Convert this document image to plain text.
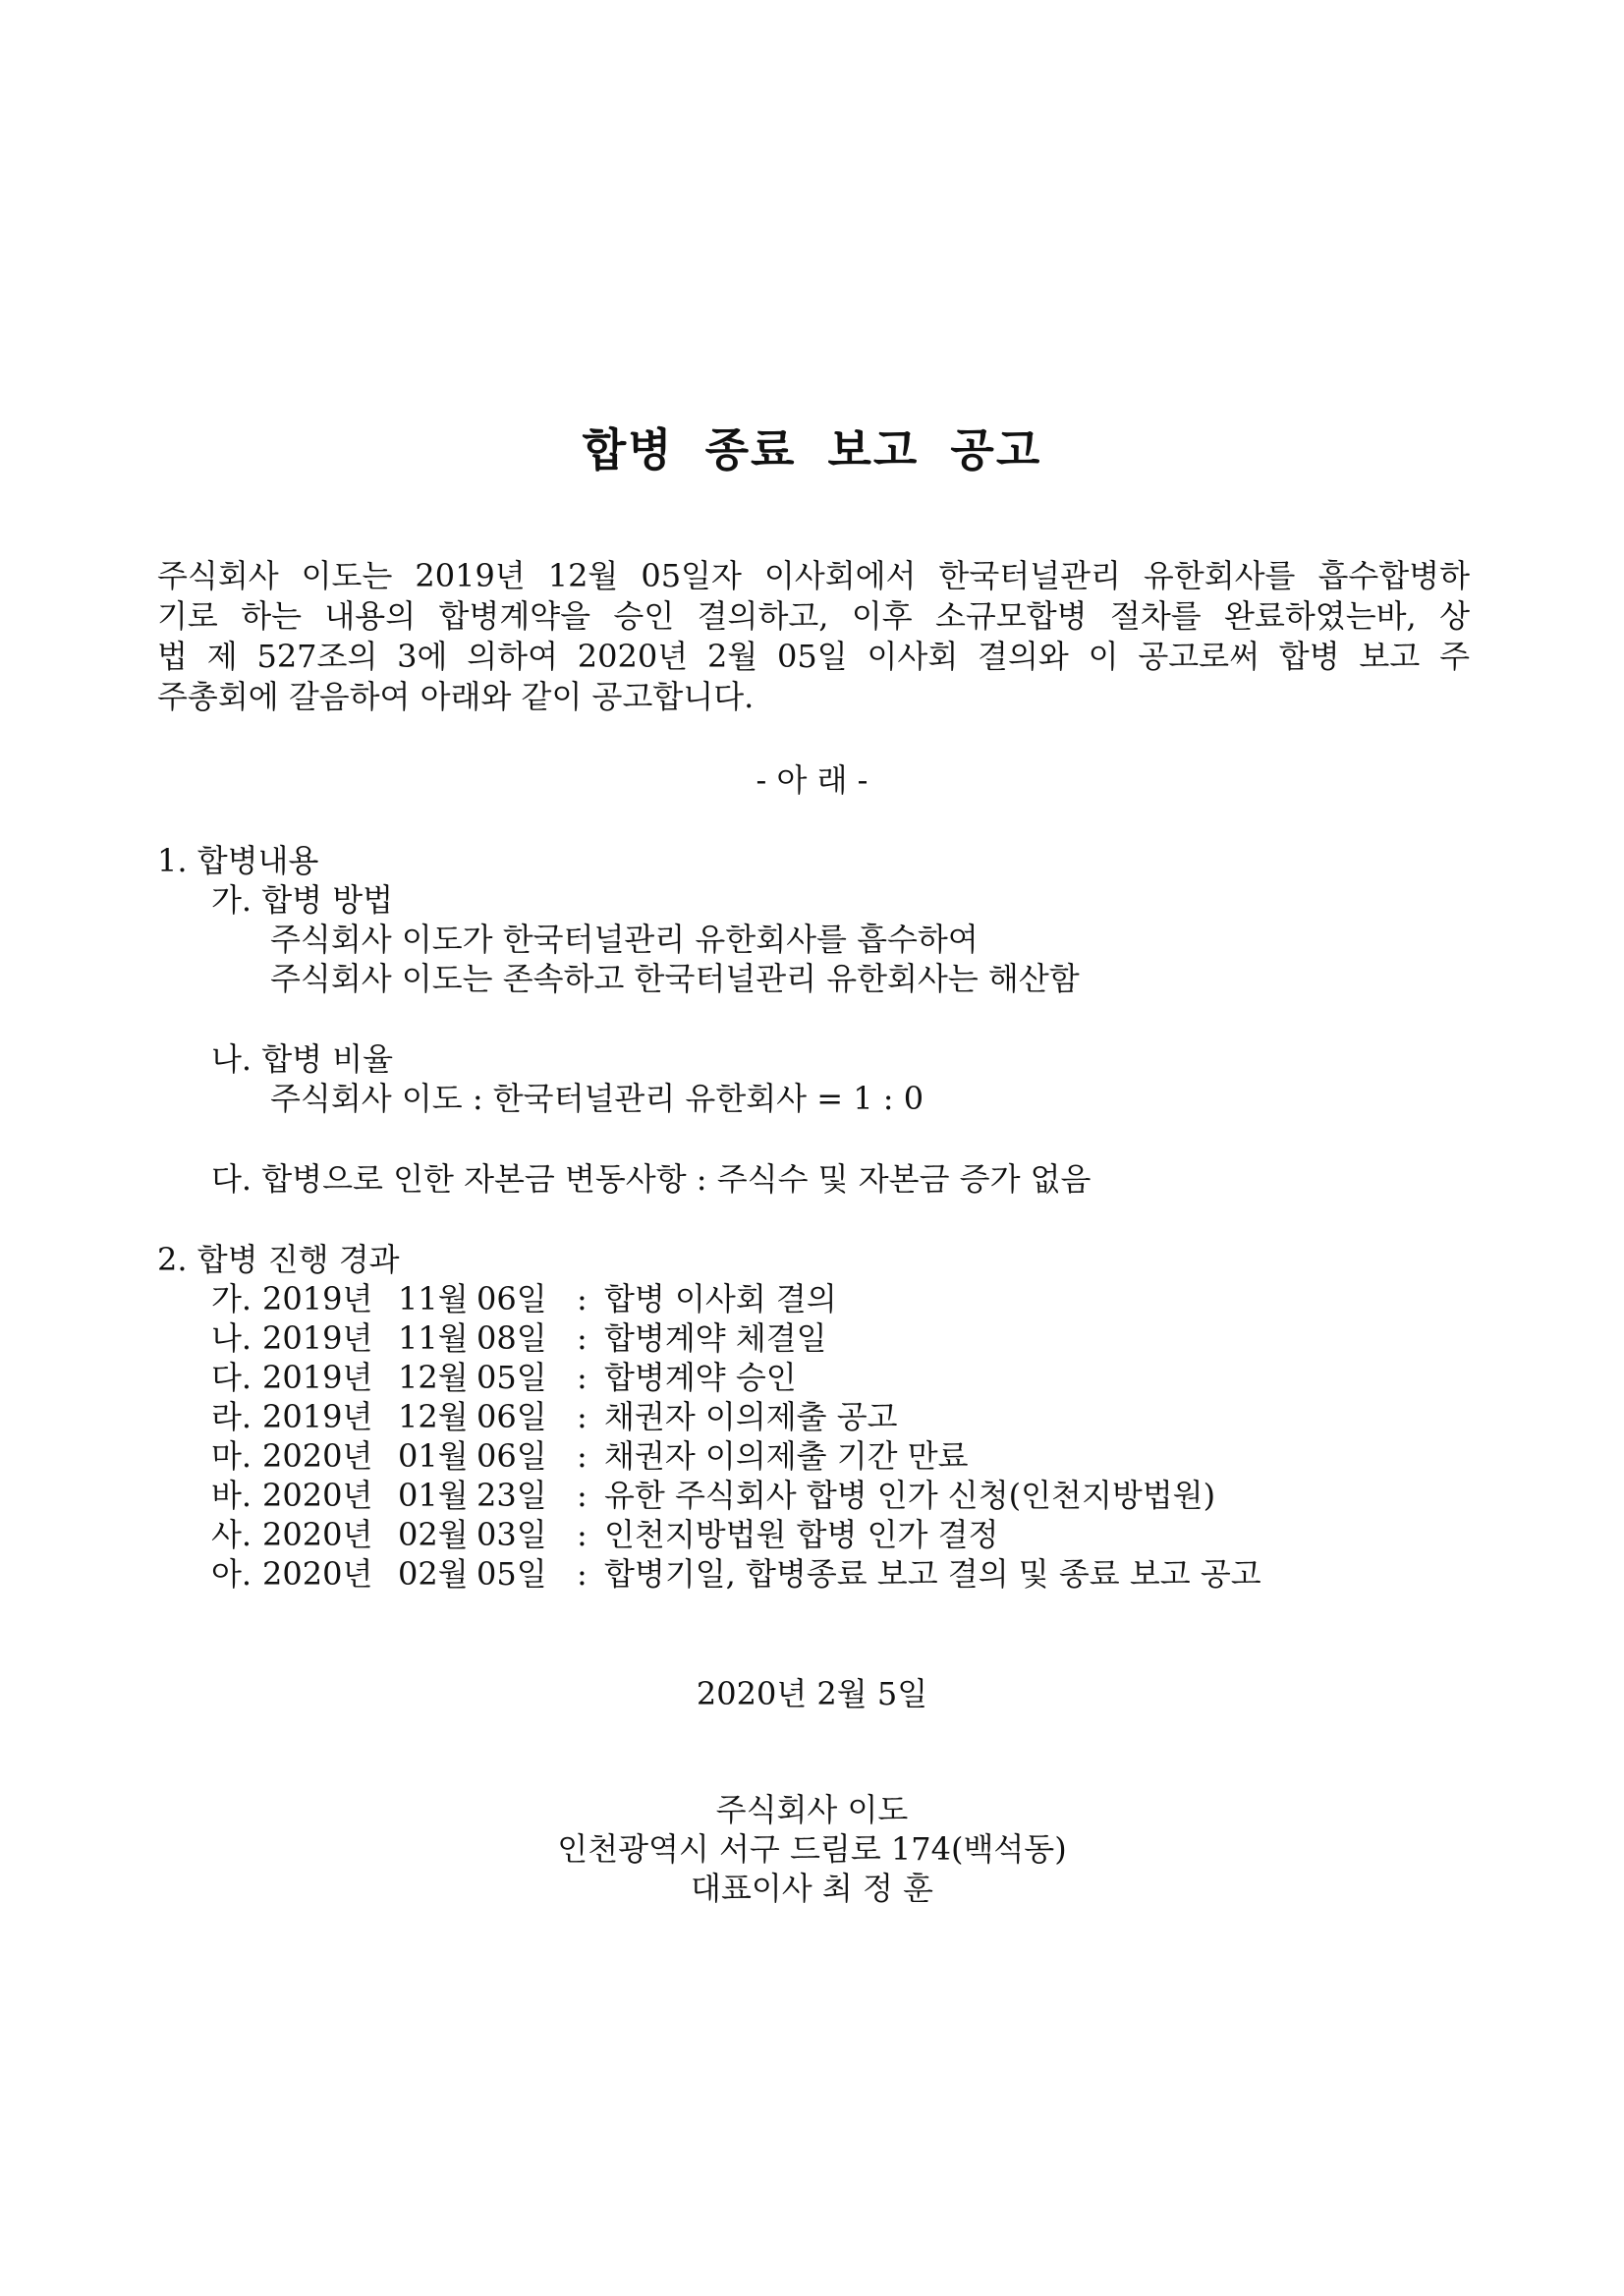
합병 종료 보고 공고
주식회사 이도는 2019년 12월 05일자 이사회에서 한국터널관리 유한회사를 흡수합병하
기로 하는 내용의 합병계약을 승인 결의하고, 이후 소규모합병 절차를 완료하였는바, 상
법 제 527조의 3에 의하여 2020년 2월 05일 이사회 결의와 이 공고로써 합병 보고 주
주총회에 갈음하여 아래와 같이 공고합니다.
- 아 래 -
1. 합병내용
가. 합병 방법
주식회사 이도가 한국터널관리 유한회사를 흡수하여
주식회사 이도는 존속하고 한국터널관리 유한회사는 해산함
나. 합병 비율
주식회사 이도 : 한국터널관리 유한회사 = 1 : 0
다. 합병으로 인한 자본금 변동사항 : 주식수 및 자본금 증가 없음
2. 합병 진행 경과
가. 2019년 11월 06일 : 합병 이사회 결의
나. 2019년 11월 08일 : 합병계약 체결일
다. 2019년 12월 05일 : 합병계약 승인
라. 2019년 12월 06일 : 채권자 이의제출 공고
마. 2020년 01월 06일 : 채권자 이의제출 기간 만료
바. 2020년 01월 23일 : 유한 주식회사 합병 인가 신청(인천지방법원)
사. 2020년 02월 03일 : 인천지방법원 합병 인가 결정
아. 2020년 02월 05일 : 합병기일, 합병종료 보고 결의 및 종료 보고 공고
2020년 2월 5일
주식회사 이도
인천광역시 서구 드림로 174(백석동)
대표이사 최 정 훈
